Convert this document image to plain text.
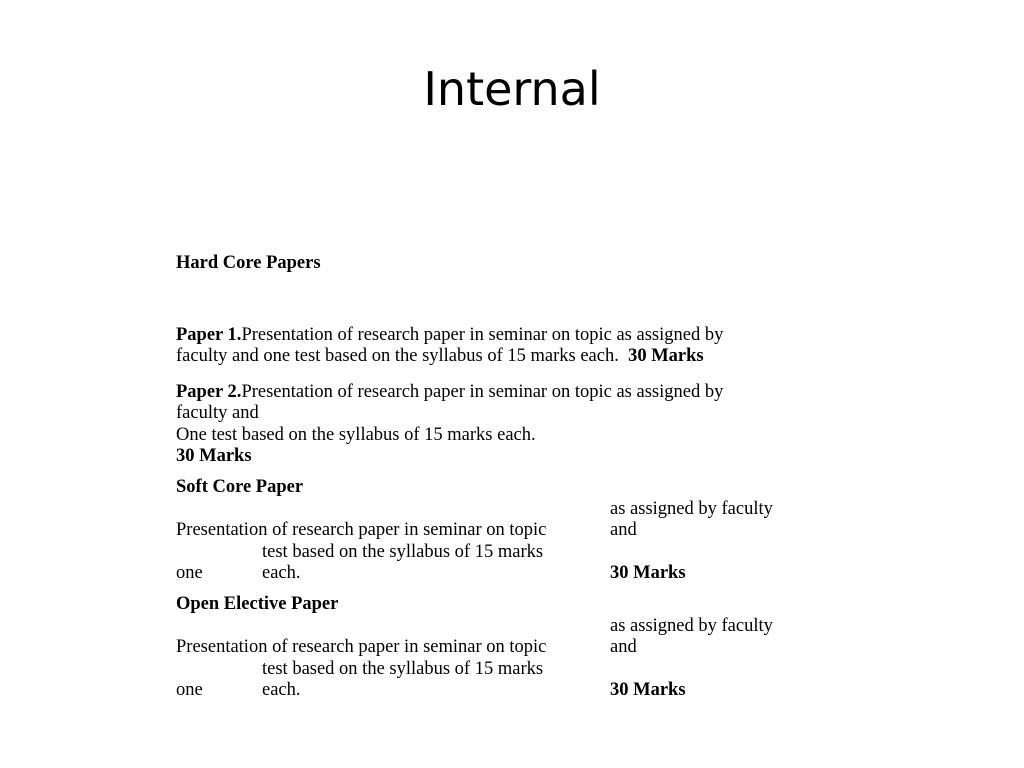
Internal
Hard Core Papers
Paper 1.Presentation of research paper in seminar on topic as assigned by
faculty and one test based on the syllabus of 15 marks each. 30 Marks
Paper 2.Presentation of research paper in seminar on topic as assigned by
faculty and
One test based on the syllabus of 15 marks each.
30 Marks
Soft Core Paper
as assigned by faculty
Presentation of research paper in seminar on topic	and
test based on the syllabus of 15 marks
one	each.	30 Marks
Open Elective Paper
as assigned by faculty
Presentation of research paper in seminar on topic	and
test based on the syllabus of 15 marks
one	each.	30 Marks
